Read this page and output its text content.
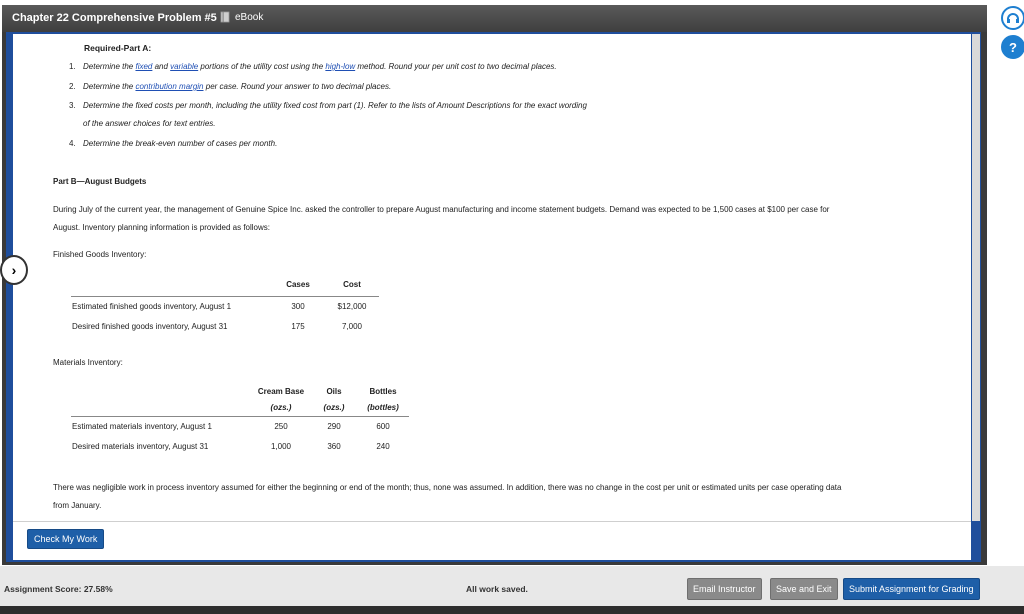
Chapter 22 Comprehensive Problem #5 eBook
Required-Part A:
1. Determine the fixed and variable portions of the utility cost using the high-low method. Round your per unit cost to two decimal places.
2. Determine the contribution margin per case. Round your answer to two decimal places.
3. Determine the fixed costs per month, including the utility fixed cost from part (1). Refer to the lists of Amount Descriptions for the exact wording
of the answer choices for text entries.
4. Determine the break-even number of cases per month.
Part B—August Budgets
During July of the current year, the management of Genuine Spice Inc. asked the controller to prepare August manufacturing and income statement budgets. Demand was expected to be 1,500 cases at $100 per case for
August. Inventory planning information is provided as follows:
Finished Goods Inventory:
	Cases	Cost
Estimated finished goods inventory, August 1	300	$12,000
Desired finished goods inventory, August 31	175	7,000
Materials Inventory:
	Cream Base	Oils	Bottles
	(ozs.)	(ozs.)	(bottles)
Estimated materials inventory, August 1	250	290	600
Desired materials inventory, August 31	1,000	360	240
There was negligible work in process inventory assumed for either the beginning or end of the month; thus, none was assumed. In addition, there was no change in the cost per unit or estimated units per case operating data
from January.
Check My Work
›
?
Assignment Score: 27.58%	All work saved.	Email Instructor	Save and Exit	Submit Assignment for Grading
